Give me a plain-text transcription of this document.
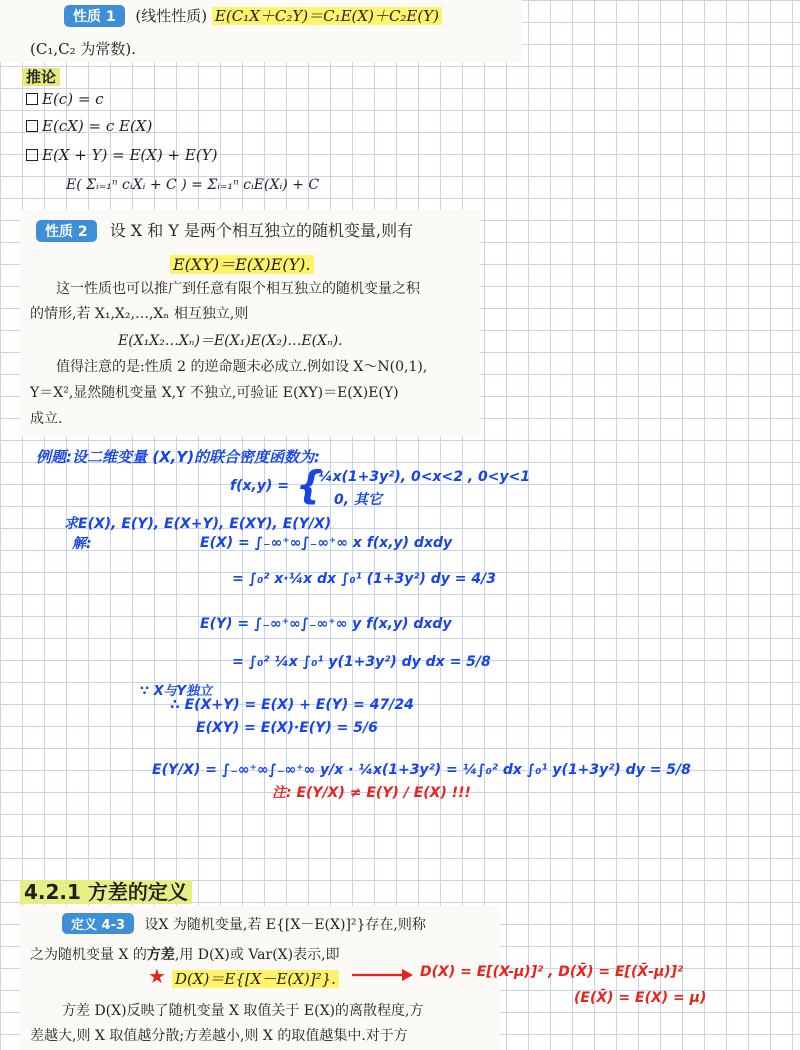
性质 1 (线性性质) E(C₁X＋C₂Y)＝C₁E(X)＋C₂E(Y)
(C₁,C₂ 为常数).
推论
E(c) = c
E(cX) = c E(X)
E(X + Y) = E(X) + E(Y)
E( Σᵢ₌₁ⁿ cᵢXᵢ + C ) = Σᵢ₌₁ⁿ cᵢE(Xᵢ) + C
性质 2 设 X 和 Y 是两个相互独立的随机变量,则有
E(XY)＝E(X)E(Y).
这一性质也可以推广到任意有限个相互独立的随机变量之积
的情形,若 X₁,X₂,…,Xₙ 相互独立,则
E(X₁X₂…Xₙ)＝E(X₁)E(X₂)…E(Xₙ).
值得注意的是:性质 2 的逆命题未必成立.例如设 X～N(0,1),
Y＝X²,显然随机变量 X,Y 不独立,可验证 E(XY)＝E(X)E(Y)
成立.
例题:设二维变量 (X,Y)的联合密度函数为:
f(x,y) = {
¼x(1+3y²), 0<x<2 , 0<y<1
0, 其它
求E(X), E(Y), E(X+Y), E(XY), E(Y/X)
解:	E(X) = ∫₋∞⁺∞∫₋∞⁺∞ x f(x,y) dxdy
= ∫₀² x·¼x dx ∫₀¹ (1+3y²) dy = 4/3
E(Y) = ∫₋∞⁺∞∫₋∞⁺∞ y f(x,y) dxdy
= ∫₀² ¼x ∫₀¹ y(1+3y²) dy dx = 5/8
∵ X与Y独立
∴ E(X+Y) = E(X) + E(Y) = 47/24
E(XY) = E(X)·E(Y) = 5/6
E(Y/X) = ∫₋∞⁺∞∫₋∞⁺∞ y/x · ¼x(1+3y²) = ¼∫₀² dx ∫₀¹ y(1+3y²) dy = 5/8
注: E(Y/X) ≠ E(Y) / E(X) !!!
4.2.1 方差的定义
定义 4-3 设X 为随机变量,若 E{[X－E(X)]²}存在,则称
之为随机变量 X 的方差,用 D(X)或 Var(X)表示,即
★ D(X)＝E{[X－E(X)]²}.	D(X) = E[(X-μ)]² , D(X̄) = E[(X̄-μ)]²
(E(X̄) = E(X) = μ)
方差 D(X)反映了随机变量 X 取值关于 E(X)的离散程度,方
差越大,则 X 取值越分散;方差越小,则 X 的取值越集中.对于方
